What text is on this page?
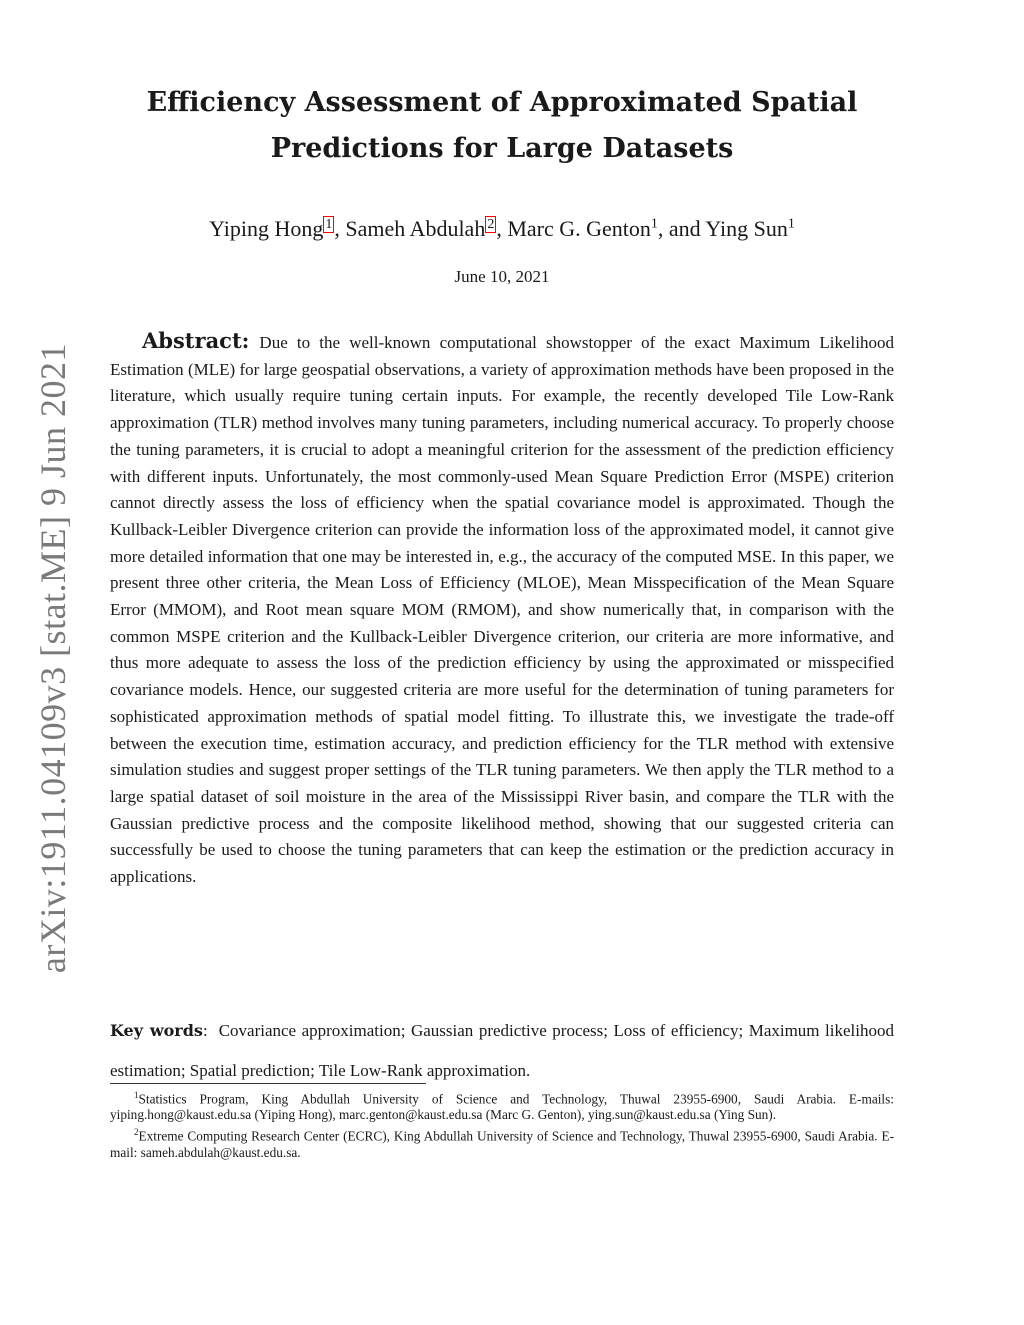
arXiv:1911.04109v3 [stat.ME] 9 Jun 2021
Efficiency Assessment of Approximated Spatial
Predictions for Large Datasets
Yiping Hong $^1$, Sameh Abdulah $^2$, Marc G. Genton$^1$, and Ying Sun$^1$
June 10, 2021

Abstract: Due to the well-known computational showstopper of the exact Maximum Likelihood Estimation (MLE) for large geospatial observations, a variety of approximation methods have been proposed in the literature, which usually require tuning certain inputs. For example, the recently developed Tile Low-Rank approximation (TLR) method involves many tuning parameters, including numerical accuracy. To properly choose the tuning parameters, it is crucial to adopt a meaningful criterion for the assessment of the prediction efficiency with different inputs. Unfortunately, the most commonly-used Mean Square Prediction Error (MSPE) criterion cannot directly assess the loss of efficiency when the spatial covariance model is approximated. Though the Kullback-Leibler Divergence criterion can provide the information loss of the approximated model, it cannot give more detailed information that one may be interested in, e.g., the accuracy of the computed MSE. In this paper, we present three other criteria, the Mean Loss of Efficiency (MLOE), Mean Misspecification of the Mean Square Error (MMOM), and Root mean square MOM (RMOM), and show numerically that, in comparison with the common MSPE criterion and the Kullback-Leibler Divergence criterion, our criteria are more informative, and thus more adequate to assess the loss of the prediction efficiency by using the approximated or misspecified covariance models. Hence, our suggested criteria are more useful for the determination of tuning parameters for sophisticated approximation methods of spatial model fitting. To illustrate this, we investigate the trade-off between the execution time, estimation accuracy, and prediction efficiency for the TLR method with extensive simulation studies and suggest proper settings of the TLR tuning parameters. We then apply the TLR method to a large spatial dataset of soil moisture in the area of the Mississippi River basin, and compare the TLR with the Gaussian predictive process and the composite likelihood method, showing that our suggested criteria can successfully be used to choose the tuning parameters that can keep the estimation or the prediction accuracy in applications.

Key words:  Covariance approximation; Gaussian predictive process; Loss of efficiency; Maximum likelihood estimation; Spatial prediction; Tile Low-Rank approximation.

$^1$Statistics Program, King Abdullah University of Science and Technology, Thuwal 23955-6900, Saudi Arabia. E-mails: yiping.hong@kaust.edu.sa (Yiping Hong), marc.genton@kaust.edu.sa (Marc G. Genton), ying.sun@kaust.edu.sa (Ying Sun).

$^2$Extreme Computing Research Center (ECRC), King Abdullah University of Science and Technology, Thuwal 23955-6900, Saudi Arabia. E-mail: sameh.abdulah@kaust.edu.sa.
